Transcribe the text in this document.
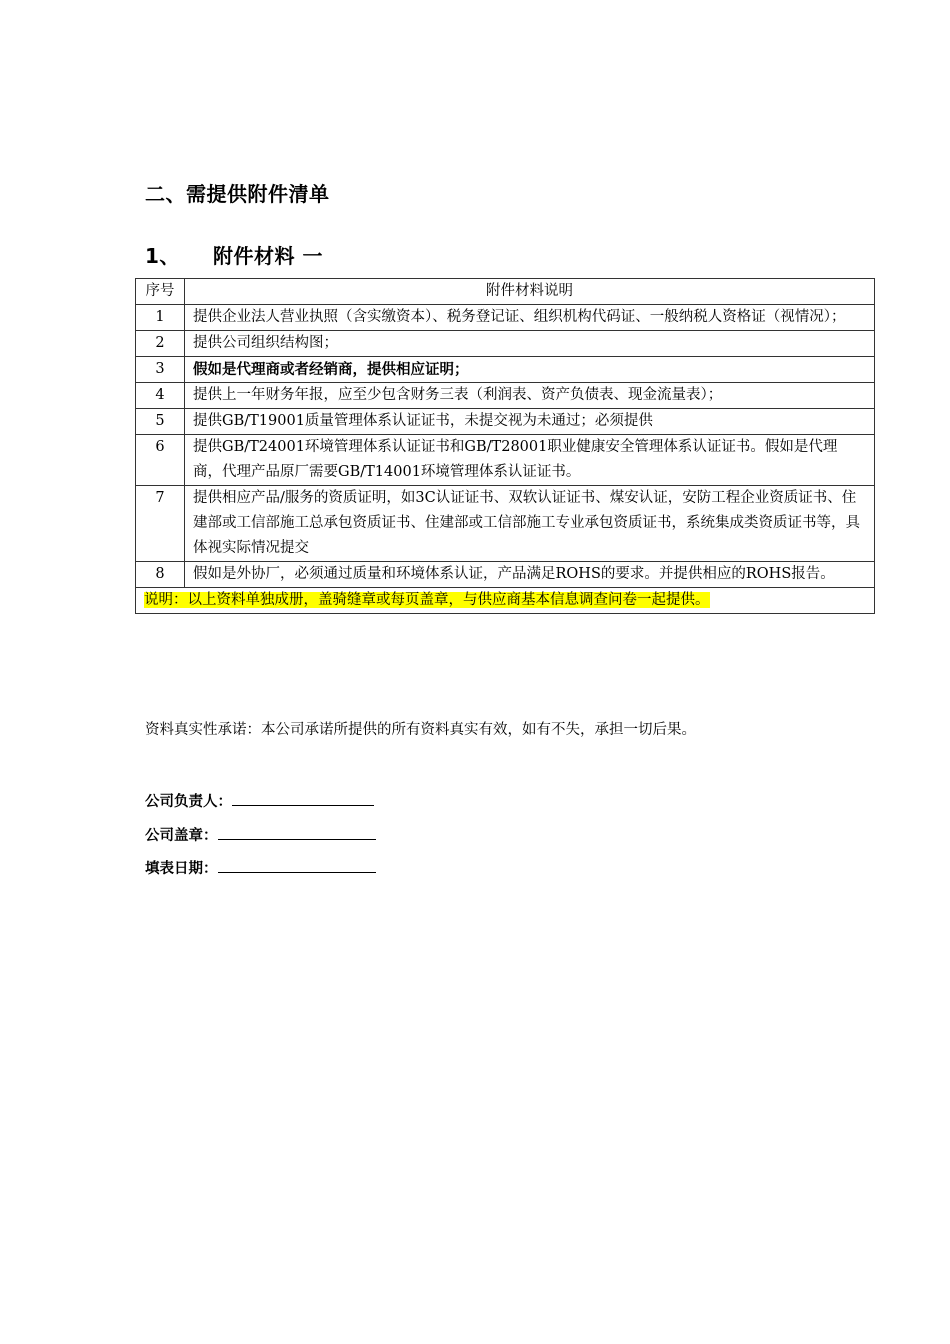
二、需提供附件清单
1、 附件材料 一
序号	附件材料说明
1	提供企业法人营业执照（含实缴资本）、税务登记证、组织机构代码证、一般纳税人资格证（视情况）；
2	提供公司组织结构图；
3	假如是代理商或者经销商，提供相应证明；
4	提供上一年财务年报，应至少包含财务三表（利润表、资产负债表、现金流量表）；
5	提供GB/T19001质量管理体系认证证书，未提交视为未通过；必须提供
6	提供GB/T24001环境管理体系认证证书和GB/T28001职业健康安全管理体系认证证书。假如是代理商，代理产品原厂需要GB/T14001环境管理体系认证证书。
7	提供相应产品/服务的资质证明，如3C认证证书、双软认证证书、煤安认证，安防工程企业资质证书、住建部或工信部施工总承包资质证书、住建部或工信部施工专业承包资质证书，系统集成类资质证书等，具体视实际情况提交
8	假如是外协厂，必须通过质量和环境体系认证，产品满足ROHS的要求。并提供相应的ROHS报告。
说明：以上资料单独成册，盖骑缝章或每页盖章，与供应商基本信息调查问卷一起提供。	
资料真实性承诺：本公司承诺所提供的所有资料真实有效，如有不失，承担一切后果。
公司负责人：
公司盖章：
填表日期：
